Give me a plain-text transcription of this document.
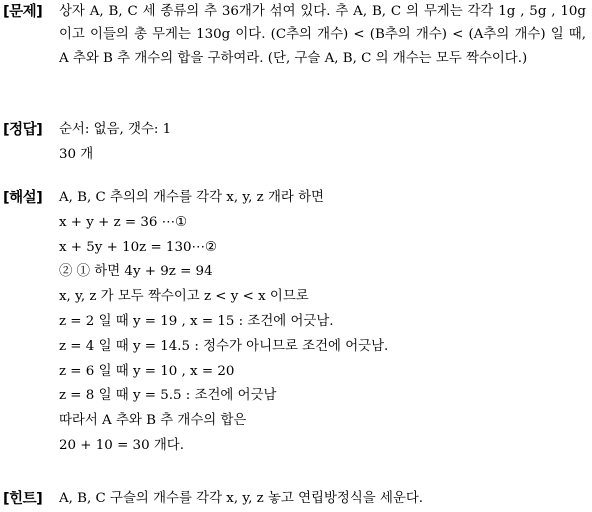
[문제] 상자 A, B, C 세 종류의 추 36개가 섞여 있다. 추 A, B, C 의 무게는 각각 1g , 5g , 10g 이고 이들의 총 무게는 130g 이다. (C추의 개수) < (B추의 개수) < (A추의 개수) 일 때, A 추와 B 추 개수의 합을 구하여라. (단, 구슬 A, B, C 의 개수는 모두 짝수이다.)
[정답] 순서: 없음, 갯수: 1
30 개
[해설] A, B, C 추의의 개수를 각각 x, y, z 개라 하면
x + y + z = 36 ⋯①
x + 5y + 10z = 130⋯②
② ① 하면 4y + 9z = 94
x, y, z 가 모두 짝수이고 z < y < x 이므로
z = 2 일 때 y = 19 , x = 15 : 조건에 어긋남.
z = 4 일 때 y = 14.5 : 정수가 아니므로 조건에 어긋남.
z = 6 일 때 y = 10 , x = 20
z = 8 일 때 y = 5.5 : 조건에 어긋남
따라서 A 추와 B 추 개수의 합은
20 + 10 = 30 개다.
[힌트] A, B, C 구슬의 개수를 각각 x, y, z 놓고 연립방정식을 세운다.
